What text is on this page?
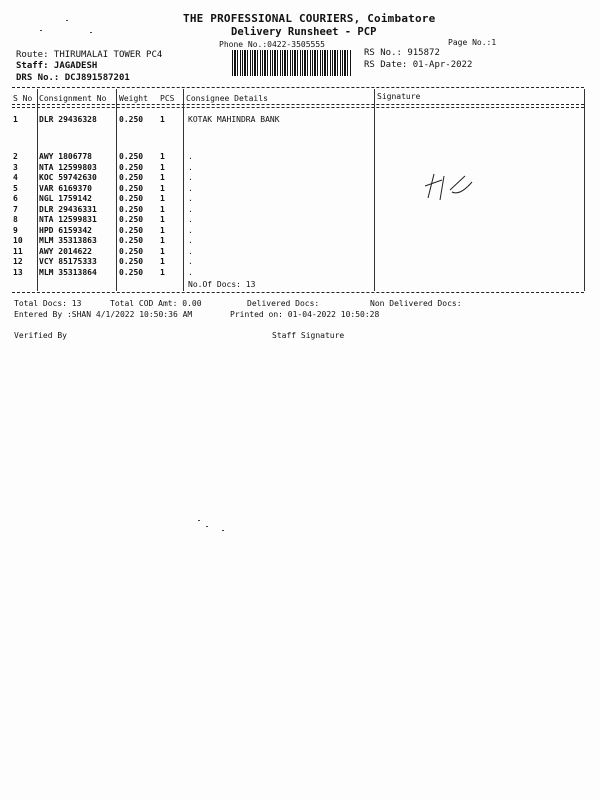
THE PROFESSIONAL COURIERS, Coimbatore
Delivery Runsheet - PCP
Phone No.:0422-3505555	Page No.:1
Route: THIRUMALAI TOWER PC4
Staff: JAGADESH
DRS No.: DCJ891587201
RS No.: 915872
RS Date: 01-Apr-2022
S No Consignment No Weight PCS Consignee Details	Signature
1	DLR 29436328	0.250 1	KOTAK MAHINDRA BANK
2	AWY 1806778	0.250 1	.
3	NTA 12599803	0.250 1	.
4	KOC 59742630	0.250 1	.
5	VAR 6169370	0.250 1	.
6	NGL 1759142	0.250 1	.
7	DLR 29436331	0.250 1	.
8	NTA 12599831	0.250 1	.
9	HPD 6159342	0.250 1	.
10 MLM 35313863	0.250 1	.
11 AWY 2014622	0.250 1	.
12 VCY 85175333	0.250 1	.
13 MLM 35313864	0.250 1	.
No.Of Docs: 13
Total Docs: 13	Total COD Amt: 0.00	Delivered Docs:	Non Delivered Docs:
Entered By :SHAN 4/1/2022 10:50:36 AM	Printed on: 01-04-2022 10:50:28
Verified By	Staff Signature
